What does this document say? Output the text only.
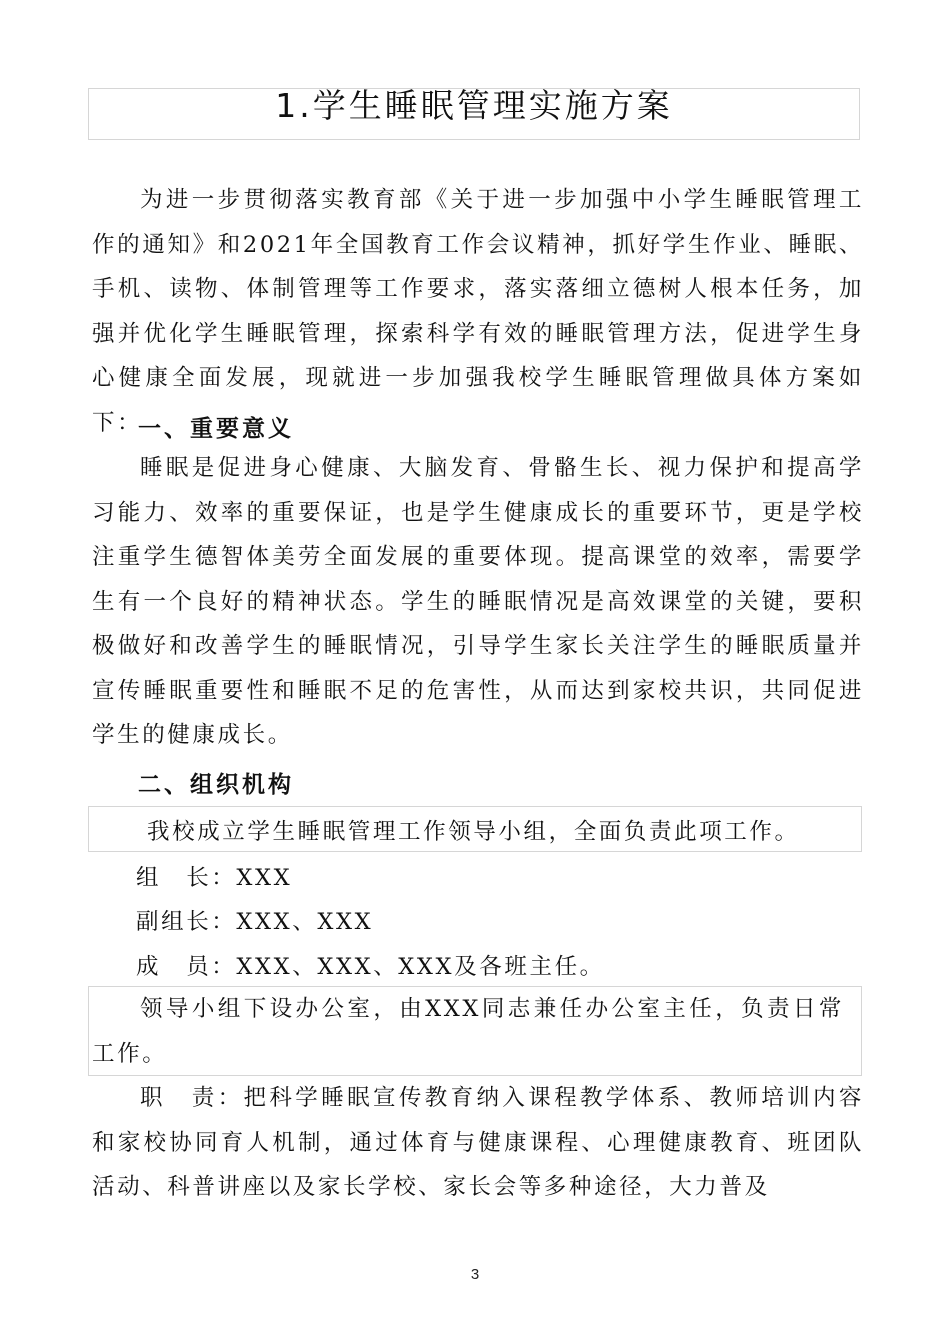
1.学生睡眠管理实施方案
为进一步贯彻落实教育部《关于进一步加强中小学生睡眠管理工作的通知》和2021年全国教育工作会议精神，抓好学生作业、睡眠、手机、读物、体制管理等工作要求，落实落细立德树人根本任务，加强并优化学生睡眠管理，探索科学有效的睡眠管理方法，促进学生身心健康全面发展，现就进一步加强我校学生睡眠管理做具体方案如下：
一、重要意义
睡眠是促进身心健康、大脑发育、骨骼生长、视力保护和提高学习能力、效率的重要保证，也是学生健康成长的重要环节，更是学校注重学生德智体美劳全面发展的重要体现。提高课堂的效率，需要学生有一个良好的精神状态。学生的睡眠情况是高效课堂的关键，要积极做好和改善学生的睡眠情况，引导学生家长关注学生的睡眠质量并宣传睡眠重要性和睡眠不足的危害性，从而达到家校共识，共同促进学生的健康成长。
二、组织机构
我校成立学生睡眠管理工作领导小组，全面负责此项工作。
组　长：XXX
副组长：XXX、XXX
成　员：XXX、XXX、XXX及各班主任。
领导小组下设办公室，由XXX同志兼任办公室主任，负责日常工作。
职　责：把科学睡眠宣传教育纳入课程教学体系、教师培训内容和家校协同育人机制，通过体育与健康课程、心理健康教育、班团队活动、科普讲座以及家长学校、家长会等多种途径，大力普及
3
